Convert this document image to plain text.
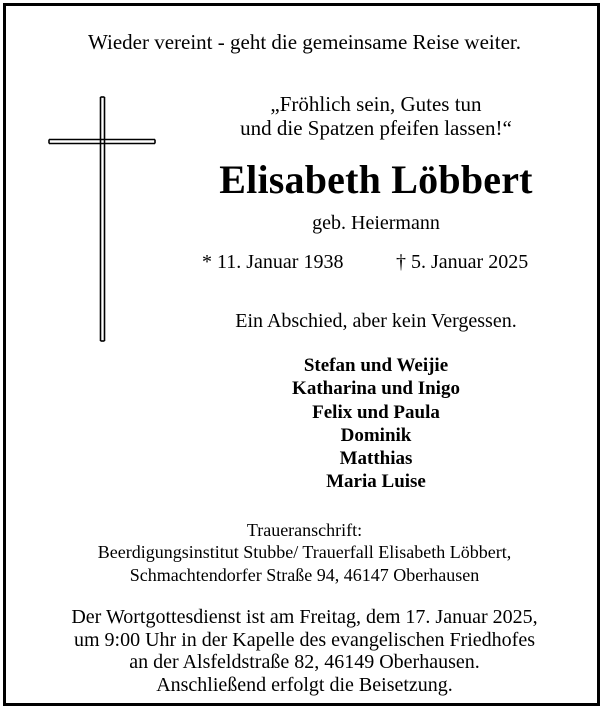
Wieder vereint - geht die gemeinsame Reise weiter.
„Fröhlich sein, Gutes tun
und die Spatzen pfeifen lassen!“
Elisabeth Löbbert
geb. Heiermann
* 11. Januar 1938	† 5. Januar 2025
Ein Abschied, aber kein Vergessen.
Stefan und Weijie
Katharina und Inigo
Felix und Paula
Dominik
Matthias
Maria Luise
Traueranschrift:
Beerdigungsinstitut Stubbe/ Trauerfall Elisabeth Löbbert,
Schmachtendorfer Straße 94, 46147 Oberhausen
Der Wortgottesdienst ist am Freitag, dem 17. Januar 2025,
um 9:00 Uhr in der Kapelle des evangelischen Friedhofes
an der Alsfeldstraße 82, 46149 Oberhausen.
Anschließend erfolgt die Beisetzung.
